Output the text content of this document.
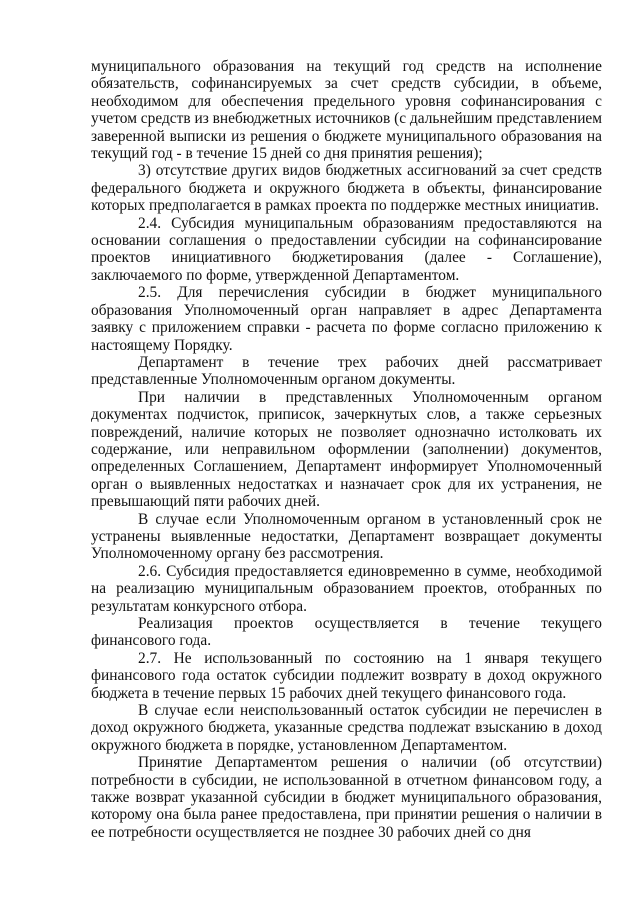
муниципального образования на текущий год средств на исполнение обязательств, софинансируемых за счет средств субсидии, в объеме, необходимом для обеспечения предельного уровня софинансирования с учетом средств из внебюджетных источников (с дальнейшим представлением заверенной выписки из решения о бюджете муниципального образования на текущий год - в течение 15 дней со дня принятия решения);

3) отсутствие других видов бюджетных ассигнований за счет средств федерального бюджета и окружного бюджета в объекты, финансирование которых предполагается в рамках проекта по поддержке местных инициатив.

2.4. Субсидия муниципальным образованиям предоставляются на основании соглашения о предоставлении субсидии на софинансирование проектов инициативного бюджетирования (далее - Соглашение), заключаемого по форме, утвержденной Департаментом.

2.5. Для перечисления субсидии в бюджет муниципального образования Уполномоченный орган направляет в адрес Департамента заявку с приложением справки - расчета по форме согласно приложению к настоящему Порядку.

Департамент в течение трех рабочих дней рассматривает представленные Уполномоченным органом документы.

При наличии в представленных Уполномоченным органом документах подчисток, приписок, зачеркнутых слов, а также серьезных повреждений, наличие которых не позволяет однозначно истолковать их содержание, или неправильном оформлении (заполнении) документов, определенных Соглашением, Департамент информирует Уполномоченный орган о выявленных недостатках и назначает срок для их устранения, не превышающий пяти рабочих дней.

В случае если Уполномоченным органом в установленный срок не устранены выявленные недостатки, Департамент возвращает документы Уполномоченному органу без рассмотрения.

2.6. Субсидия предоставляется единовременно в сумме, необходимой на реализацию муниципальным образованием проектов, отобранных по результатам конкурсного отбора.

Реализация проектов осуществляется в течение текущего финансового года.

2.7. Не использованный по состоянию на 1 января текущего финансового года остаток субсидии подлежит возврату в доход окружного бюджета в течение первых 15 рабочих дней текущего финансового года.

В случае если неиспользованный остаток субсидии не перечислен в доход окружного бюджета, указанные средства подлежат взысканию в доход окружного бюджета в порядке, установленном Департаментом.

Принятие Департаментом решения о наличии (об отсутствии) потребности в субсидии, не использованной в отчетном финансовом году, а также возврат указанной субсидии в бюджет муниципального образования, которому она была ранее предоставлена, при принятии решения о наличии в ее потребности осуществляется не позднее 30 рабочих дней со дня
